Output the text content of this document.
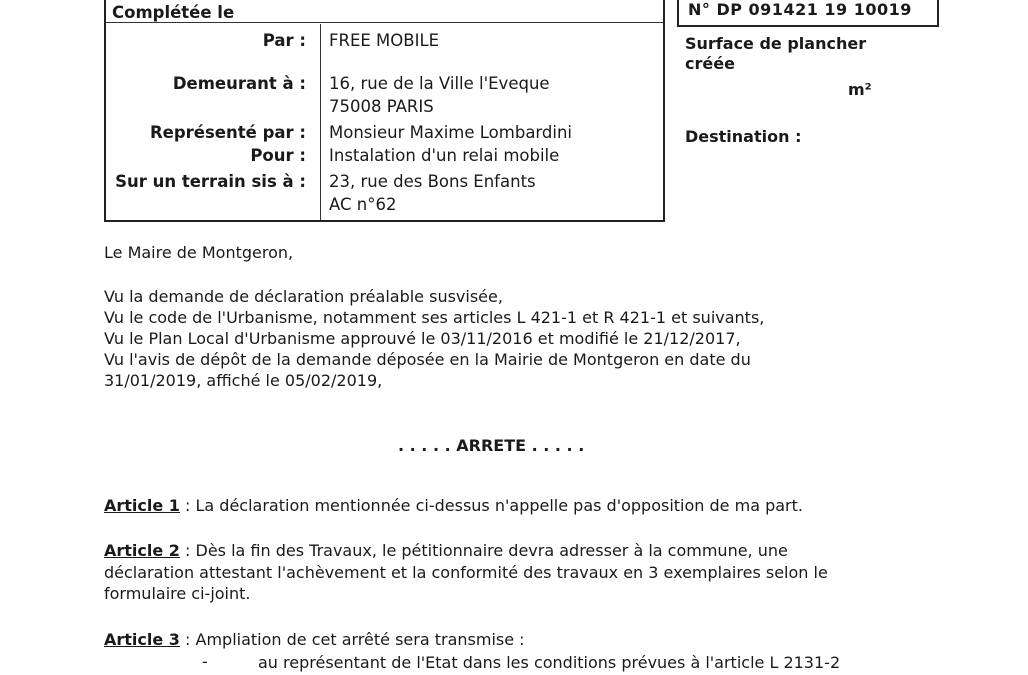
Complétée le
Par : FREE MOBILE
Demeurant à : 16, rue de la Ville l'Eveque
75008 PARIS
Représenté par : Monsieur Maxime Lombardini
Pour : Instalation d'un relai mobile
Sur un terrain sis à : 23, rue des Bons Enfants
AC n°62
N° DP 091421 19 10019
Surface de plancher
créée
m²
Destination :
Le Maire de Montgeron,
Vu la demande de déclaration préalable susvisée,
Vu le code de l'Urbanisme, notamment ses articles L 421-1 et R 421-1 et suivants,
Vu le Plan Local d'Urbanisme approuvé le 03/11/2016 et modifié le 21/12/2017,
Vu l'avis de dépôt de la demande déposée en la Mairie de Montgeron en date du
31/01/2019, affiché le 05/02/2019,
. . . . . ARRETE . . . . .
Article 1 : La déclaration mentionnée ci-dessus n'appelle pas d'opposition de ma part.
Article 2 : Dès la fin des Travaux, le pétitionnaire devra adresser à la commune, une
déclaration attestant l'achèvement et la conformité des travaux en 3 exemplaires selon le
formulaire ci-joint.
Article 3 : Ampliation de cet arrêté sera transmise :
-	au représentant de l'Etat dans les conditions prévues à l'article L 2131-2
